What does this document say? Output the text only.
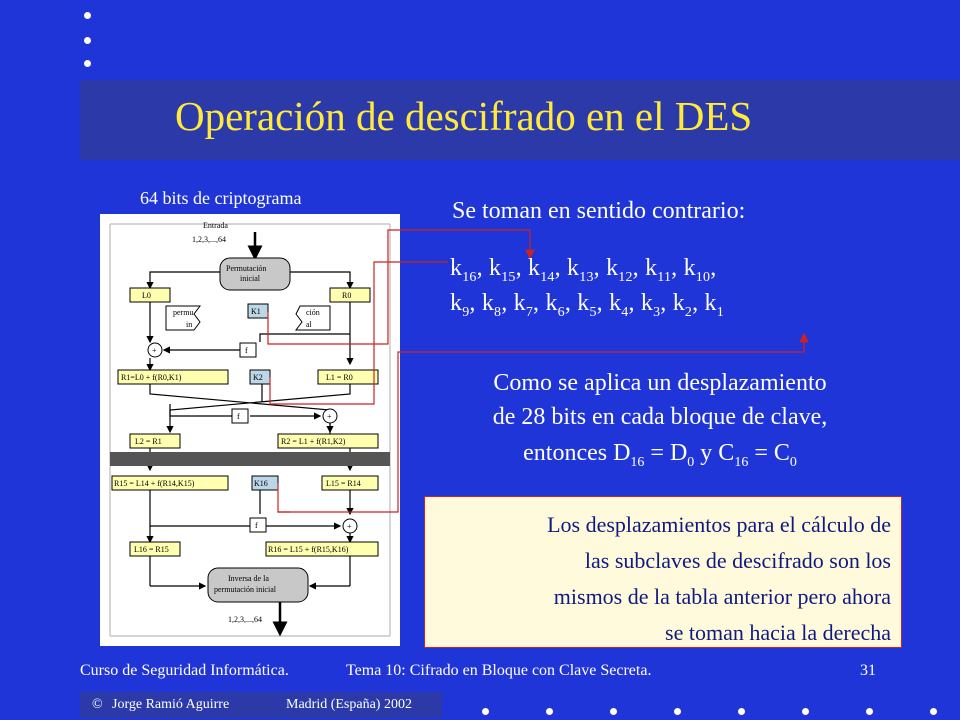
Operación de descifrado en el DES
64 bits de criptograma
Entrada
1,2,3,...,64
Permutación
inicial
L0	R0
permu
in
ción
al
K1
f
+
R1=L0 + f(R0,K1)	L1 = R0
K2
f	+
L2 = R1	R2 = L1 + f(R1,K2)
R15 = L14 + f(R14,K15)	L15 = R14
K16
f	+
L16 = R15	R16 = L15 + f(R15,K16)
Inversa de la
permutación inicial
1,2,3,...,64
Se toman en sentido contrario:
$k_{16}$, $k_{15}$, $k_{14}$, $k_{13}$, $k_{12}$, $k_{11}$, $k_{10}$,
$k_9$, $k_8$, $k_7$, $k_6$, $k_5$, $k_4$, $k_3$, $k_2$, $k_1$
Como se aplica un desplazamiento
de 28 bits en cada bloque de clave,
entonces $D_{16} = D_0$ y $C_{16} = C_0$
Los desplazamientos para el cálculo de
las subclaves de descifrado son los
mismos de la tabla anterior pero ahora
se toman hacia la derecha
Curso de Seguridad Informática.	Tema 10: Cifrado en Bloque con Clave Secreta.	31
© Jorge Ramió Aguirre	Madrid (España) 2002
